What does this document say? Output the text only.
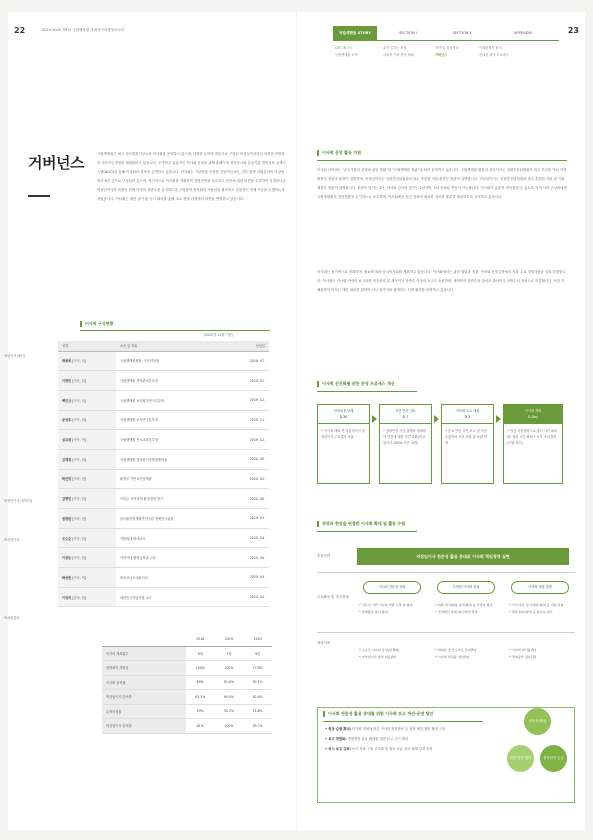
22	2019-2020 제1차 국립생물원 사회적가치경영보고서
거버넌스	국립생태원은 최고 의사결정기구로서 이사회를 운영하고 있으며, 다양한 분야의 전문가로 구성된 비상임이사진의 의견을 반영하여 지속가능경영을 체계화하고 있습니다. 투명하고 효율적인 이사회 운영을 위해 홈페이지 경영공시와 공공기관 경영정보 공개시스템(ALIO)을 통해 이사회의 정보를 공개하고 있습니다. 이사회는 기관장을 포함한 상임이사 4인, 정부·환경 사회분야의 비상임이사 8인 등으로 구성되어 있으며, 정기적으로 이사회를 개최하여 경영현안을 공유하고 안건에 대한 의견을 수렴하여 의결합니다. 비상임이사의 비율이 전체 이사의 과반수를 유지하도록 구성하여 이사회의 독립성을 확보하고 실질적인 견제 기능을 수행하도록 하였습니다. 이사회는 매년 정기 및 임시 회의를 통해 주요 경영 과정에서 의견을 반영하고 있습니다.
이사회 구성현황
(2020년 12월 기준)
상임이사 (8인)
비상임이사 (정부인)
비상임이사
비상임감사
성명	소속 및 직위	선임일
박용목 [이사, 남]	국립생태원원장, 이사회의장	2018. 07.
이명민 [이사, 남]	국립생태원 경영관리본부장	2019. 01.
백인규 [이사, 남]	국립생태원 보전평가연구본부장	2019. 12.
문상호 [이사, 남]	국립생태원 조사연구본부장	2019. 11.
심숙경 [이사, 여]	국립생태원 전시교육본부장	2019. 12.
김재경 [이사, 남]	국립생태원 멸종위기종복원센터장	2020. 05.
박진영 [이사, 남]	환경부 자연보전정책관	2020. 02.
김병민 [이사, 남]	서천군 지역정책 환경정책 연구	2020. 06.
권영한 [이사, 남]	한국환경정책평가연구원 명예연구위원	2019. 03.
조도순 [이사, 남]	가톨릭대 명예교수	2020. 04.
이상돈 [이사, 남]	이화여대 환경공학과 교수	2020. 04.
박성현 [이사, 여]	㈜푸르너스대표이사	2020. 04.
이정석 [감사, 남]	대한민국산업연합 교수	2020. 04.
	2018	2019	2020
이사회 개최횟수	6회	7회	9회
대면회의 개최율	100%	100%	77.8%
이사회 출석률	89%	91.6%	92.1%
비상임이사 출석률	83.3%	95.5%	92.9%
수정의결률	29%	33.3%	11.8%
비상임이사 출석률	81%	100%	95.7%
23
국립생태원 STORY	SECTION Ⅰ	SECTION Ⅱ	APPENDIX
CEO 메시지
국립생태원 소개
출간 일하는 보람
사회적 가치 경영 체계
전략 및 경영성과
거버넌스
이해관계자 참여
중대성 평가 프로세스
이사회 운영 활동 지원
이사회 산하에는 "공공기관의 운영에 관한 법률"과 "국립생태원 정관"에 따라 운영하고 있습니다. 국립생태원 원장과 상임이사는 임원추천위원회의 복수 추천을 거쳐 각각 환경부 장관과 원장이 임명하며, 비상임이사는 임원추천위원회의 복수 추천을 거쳐 환경부 장관이 임명합니다. 비상임이사는 임원추천위원회의 복수 추천한 사람 중 기획재정부 장관이 임명합니다. 원장의 임기는 3년, 이사와 감사의 임기는 2년이며, 1년 단위로 연임이 가능합니다. 이사회가 효율적 의사결정 수 있도록 각 이사의 구성원에게 국립생태원의 경영현황을 주기적으로 보고하며, 이사회에서 안건 심의에 필요한 자료를 충분히 제공하도록 규정하고 있습니다.
이사회는 정기적으로 개최하며, 필요에 따라 임시이사회를 개최하고 있습니다. 이사회에서는 관련 법령과 정관, 이사회 운영규정에서 정한 주요 경영사항을 심의·의결합니다. 이사회는 이사회 의장의 보고사항 안건처리 및 재적이사 과반수 이상의 요구로 소집하며, 재적이사 과반수의 출석과 출석이사 과반수의 찬성으로 의결합니다. 또한 이해관계인 이사는 대한 회의를 위하여 이사 참가자의 참여하는 서면 회의를 운영하고 있습니다.
이사회 선진화를 위한 운영 프로세스 개선
사전조정 단계
D-30
• 이사회 개최 전 비상임이사 및 상임이사 주요업무 조율
사전 안건 검토
D-7
• 상정안건 사전 설명회 개최하여 안건에 대한 의견 교환(비상임이사 100% 사전 대면)
이사회 보고 개최
D-3
• 중요 안건 사전 보고 및 의견 수렴하여 사전 조율 및 보완 반영
이사회 개최
D-Day
• 안건 사전설명으로 질의 시간 최소화, 결의 시간 확대 • 사후 조치결과(사항 회신)
경영과 현장을 연결한 이사회 확대 및 활동 수립
추진전략	비상임이사 전문성 활용 증대로 이사회 책임경영 실현
주요활동 및 추진과제
이사회 전문성 강화	투명한 이사회 실현	이사회 지원 강화
• 전문성 기반 이사회 역량 구축 및 확대
• 경영활동 참여 확대
• 회의 및 회의록 공개 확대 등 투명성 확보
• 경영혁신 과제 제시·의견 반영
• 사전 자료 및 설명회 확대 등 지원 강화
• 대면 회의 확대 등 충실성 제고
성과지표
• 소규모 이사회 운영(연 N회)
• 비상임이사 발언 비중(%)
• 회의록 및 보도자료 공개(%)
• 이사회 의결률 개선(%)
• 이사회 참석률(%)
• 경영평가 점수(점)
이사회 전문성 활용 증대를 위한 이사회 보고 개선·운영 방안
• 현장 순방 확대: 이사회 개최에 따른 이사의 현장방문 등 현장 체험 참여 확대 구성
• 보고 개별화: 경영현안 공유 확대를 위한 보고 주기 개선
• 상시 보고 강화: 보고 자료 구성 고도화 및 정보 공유 상시 체계 강화 운영
전문성 활용
현장 경영 참여	경영현안 공유
